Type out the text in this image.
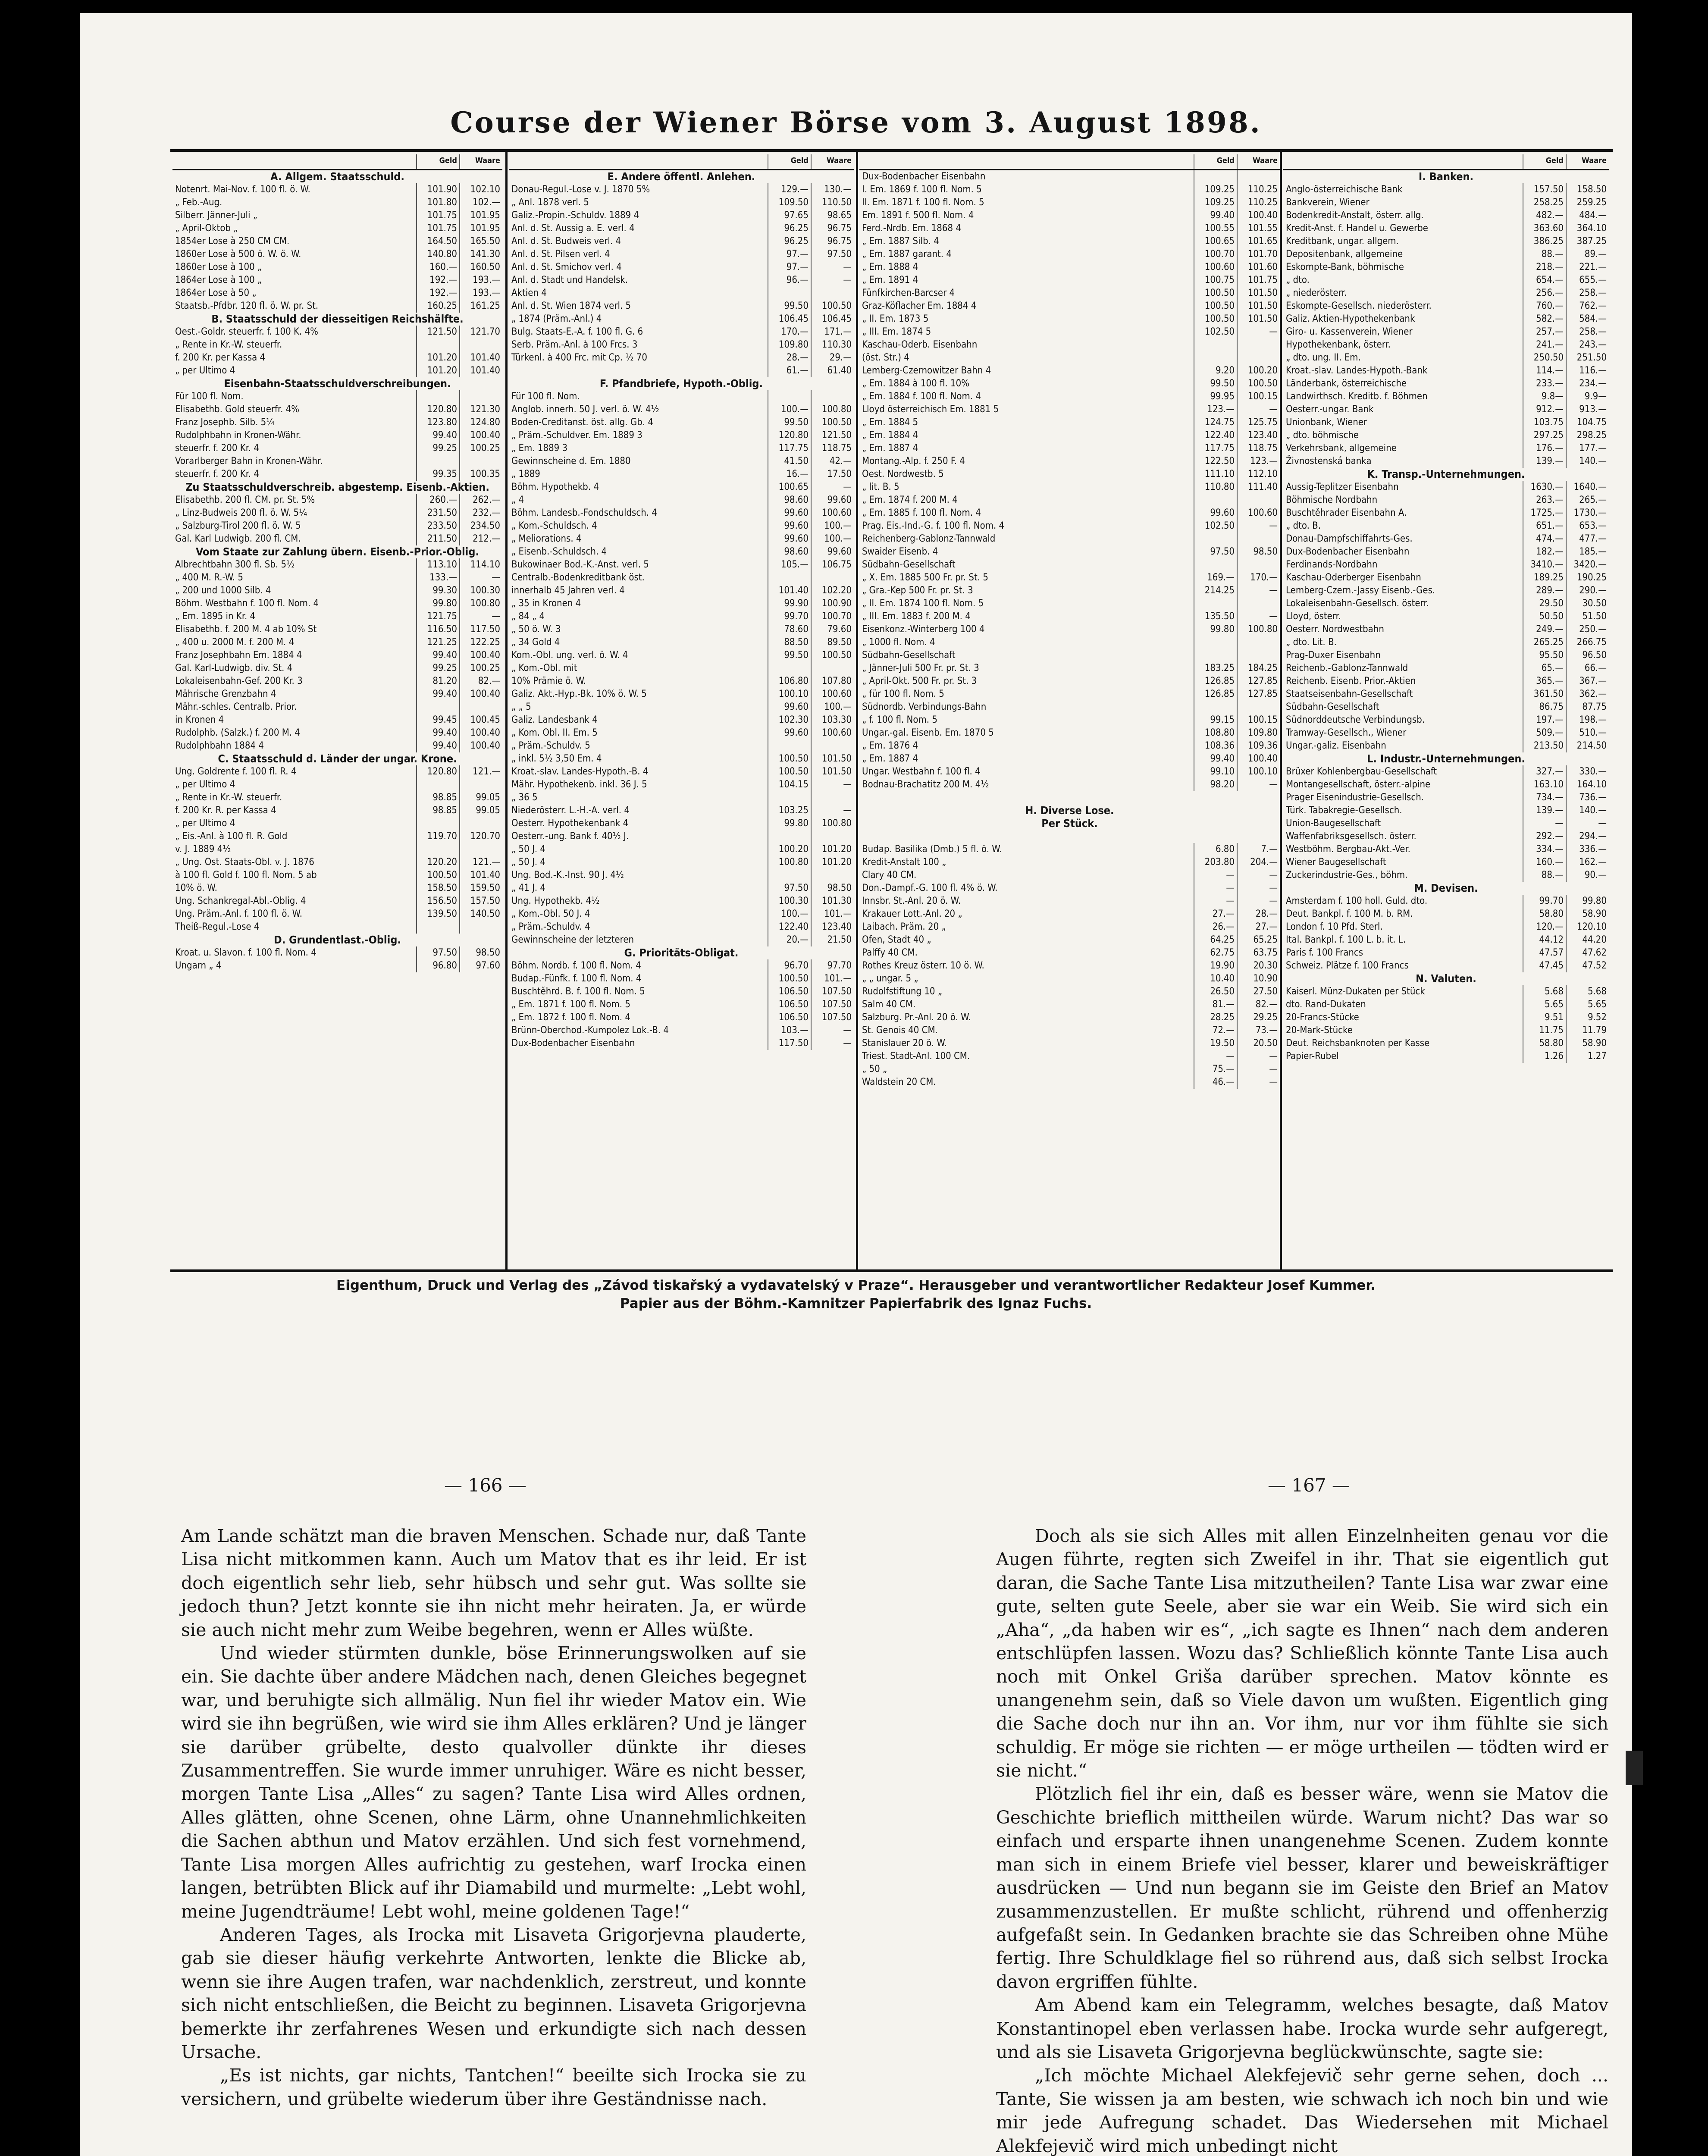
Course der Wiener Börse vom 3. August 1898.
Geld	Waare
A. Allgem. Staatsschuld.
Notenrt. Mai-Nov. f. 100 fl. ö. W.	101.90	102.10
„ Feb.-Aug.	101.80	102.—
Silberr. Jänner-Juli „	101.75	101.95
„ April-Oktob „	101.75	101.95
1854er Lose à 250 CM CM.	164.50	165.50
1860er Lose à 500 ö. W. ö. W.	140.80	141.30
1860er Lose à 100 „	160.—	160.50
1864er Lose à 100 „	192.—	193.—
1864er Lose à 50 „	192.—	193.—
Staatsb.-Pfdbr. 120 fl. ö. W. pr. St.	160.25	161.25
B. Staatsschuld der diesseitigen Reichshälfte.
Oest.-Goldr. steuerfr. f. 100 K. 4%	121.50	121.70
„ Rente in Kr.-W. steuerfr.
f. 200 Kr. per Kassa 4	101.20	101.40
„ per Ultimo 4	101.20	101.40
Eisenbahn-Staatsschuldverschreibungen.
Für 100 fl. Nom.
Elisabethb. Gold steuerfr. 4%	120.80	121.30
Franz Josephb. Silb. 5¼	123.80	124.80
Rudolphbahn in Kronen-Währ.	99.40	100.40
steuerfr. f. 200 Kr. 4	99.25	100.25
Vorarlberger Bahn in Kronen-Währ.
steuerfr. f. 200 Kr. 4	99.35	100.35
Zu Staatsschuldverschreib. abgestemp. Eisenb.-Aktien.
Elisabethb. 200 fl. CM. pr. St. 5%	260.—	262.—
„ Linz-Budweis 200 fl. ö. W. 5¼	231.50	232.—
„ Salzburg-Tirol 200 fl. ö. W. 5	233.50	234.50
Gal. Karl Ludwigb. 200 fl. CM.	211.50	212.—
Vom Staate zur Zahlung übern. Eisenb.-Prior.-Oblig.
Albrechtbahn 300 fl. Sb. 5½	113.10	114.10
„ 400 M. R.-W. 5	133.—	—
„ 200 und 1000 Silb. 4	99.30	100.30
Böhm. Westbahn f. 100 fl. Nom. 4	99.80	100.80
„ Em. 1895 in Kr. 4	121.75	—
Elisabethb. f. 200 M. 4 ab 10% St	116.50	117.50
„ 400 u. 2000 M. f. 200 M. 4	121.25	122.25
Franz Josephbahn Em. 1884 4	99.40	100.40
Gal. Karl-Ludwigb. div. St. 4	99.25	100.25
Lokaleisenbahn-Gef. 200 Kr. 3	81.20	82.—
Mährische Grenzbahn 4	99.40	100.40
Mähr.-schles. Centralb. Prior.
in Kronen 4	99.45	100.45
Rudolphb. (Salzk.) f. 200 M. 4	99.40	100.40
Rudolphbahn 1884 4	99.40	100.40
C. Staatsschuld d. Länder der ungar. Krone.
Ung. Goldrente f. 100 fl. R. 4	120.80	121.—
„ per Ultimo 4
„ Rente in Kr.-W. steuerfr.	98.85	99.05
f. 200 Kr. R. per Kassa 4	98.85	99.05
„ per Ultimo 4
„ Eis.-Anl. à 100 fl. R. Gold	119.70	120.70
v. J. 1889 4½
„ Ung. Ost. Staats-Obl. v. J. 1876	120.20	121.—
à 100 fl. Gold f. 100 fl. Nom. 5 ab	100.50	101.40
10% ö. W.	158.50	159.50
Ung. Schankregal-Abl.-Oblig. 4	156.50	157.50
Ung. Präm.-Anl. f. 100 fl. ö. W.	139.50	140.50
Theiß-Regul.-Lose 4
D. Grundentlast.-Oblig.
Kroat. u. Slavon. f. 100 fl. Nom. 4	97.50	98.50
Ungarn „ 4	96.80	97.60
Geld	Waare
E. Andere öffentl. Anlehen.
Donau-Regul.-Lose v. J. 1870 5%	129.—	130.—
„ Anl. 1878 verl. 5	109.50	110.50
Galiz.-Propin.-Schuldv. 1889 4	97.65	98.65
Anl. d. St. Aussig a. E. verl. 4	96.25	96.75
Anl. d. St. Budweis verl. 4	96.25	96.75
Anl. d. St. Pilsen verl. 4	97.—	97.50
Anl. d. St. Smichov verl. 4	97.—	—
Anl. d. Stadt und Handelsk.	96.—	—
Aktien 4
Anl. d. St. Wien 1874 verl. 5	99.50	100.50
„ 1874 (Präm.-Anl.) 4	106.45	106.45
Bulg. Staats-E.-A. f. 100 fl. G. 6	170.—	171.—
Serb. Präm.-Anl. à 100 Frcs. 3	109.80	110.30
Türkenl. à 400 Frc. mit Cp. ⅟₂ 70	28.—	29.—
61.—	61.40
F. Pfandbriefe, Hypoth.-Oblig.
Für 100 fl. Nom.
Anglob. innerh. 50 J. verl. ö. W. 4½	100.—	100.80
Boden-Creditanst. öst. allg. Gb. 4	99.50	100.50
„ Präm.-Schuldver. Em. 1889 3	120.80	121.50
„ Em. 1889 3	117.75	118.75
Gewinnscheine d. Em. 1880	41.50	42.—
„ 1889	16.—	17.50
Böhm. Hypothekb. 4	100.65	—
„ 4	98.60	99.60
Böhm. Landesb.-Fondschuldsch. 4	99.60	100.60
„ Kom.-Schuldsch. 4	99.60	100.—
„ Meliorations. 4	99.60	100.—
„ Eisenb.-Schuldsch. 4	98.60	99.60
Bukowinaer Bod.-K.-Anst. verl. 5	105.—	106.75
Centralb.-Bodenkreditbank öst.
innerhalb 45 Jahren verl. 4	101.40	102.20
„ 35 in Kronen 4	99.90	100.90
„ 84 „ 4	99.70	100.70
„ 50 ö. W. 3	78.60	79.60
„ 34 Gold 4	88.50	89.50
Kom.-Obl. ung. verl. ö. W. 4	99.50	100.50
„ Kom.-Obl. mit
10% Prämie ö. W.	106.80	107.80
Galiz. Akt.-Hyp.-Bk. 10% ö. W. 5	100.10	100.60
„ „ 5	99.60	100.—
Galiz. Landesbank 4	102.30	103.30
„ Kom. Obl. II. Em. 5	99.60	100.60
„ Präm.-Schuldv. 5
„ inkl. 5⅟₂ 3,50 Em. 4	100.50	101.50
Kroat.-slav. Landes-Hypoth.-B. 4	100.50	101.50
Mähr. Hypothekenb. inkl. 36 J. 5	104.15	—
„ 36 5
Niederösterr. L.-H.-A. verl. 4	103.25	—
Oesterr. Hypothekenbank 4	99.80	100.80
Oesterr.-ung. Bank f. 40½ J.
„ 50 J. 4	100.20	101.20
„ 50 J. 4	100.80	101.20
Ung. Bod.-K.-Inst. 90 J. 4½
„ 41 J. 4	97.50	98.50
Ung. Hypothekb. 4½	100.30	101.30
„ Kom.-Obl. 50 J. 4	100.—	101.—
„ Präm.-Schuldv. 4	122.40	123.40
Gewinnscheine der letzteren	20.—	21.50
G. Prioritäts-Obligat.
Böhm. Nordb. f. 100 fl. Nom. 4	96.70	97.70
Budap.-Fünfk. f. 100 fl. Nom. 4	100.50	101.—
Buschtěhrd. B. f. 100 fl. Nom. 5	106.50	107.50
„ Em. 1871 f. 100 fl. Nom. 5	106.50	107.50
„ Em. 1872 f. 100 fl. Nom. 4	106.50	107.50
Brünn-Oberchod.-Kumpolez Lok.-B. 4	103.—	—
Dux-Bodenbacher Eisenbahn	117.50	—
Geld	Waare
Dux-Bodenbacher Eisenbahn
I. Em. 1869 f. 100 fl. Nom. 5	109.25	110.25
II. Em. 1871 f. 100 fl. Nom. 5	109.25	110.25
Em. 1891 f. 500 fl. Nom. 4	99.40	100.40
Ferd.-Nrdb. Em. 1868 4	100.55	101.55
„ Em. 1887 Silb. 4	100.65	101.65
„ Em. 1887 garant. 4	100.70	101.70
„ Em. 1888 4	100.60	101.60
„ Em. 1891 4	100.75	101.75
Fünfkirchen-Barcser 4	100.50	101.50
Graz-Köflacher Em. 1884 4	100.50	101.50
„ II. Em. 1873 5	100.50	101.50
„ III. Em. 1874 5	102.50	—
Kaschau-Oderb. Eisenbahn
(öst. Str.) 4
Lemberg-Czernowitzer Bahn 4	9.20	100.20
„ Em. 1884 à 100 fl. 10%	99.50	100.50
„ Em. 1884 f. 100 fl. Nom. 4	99.95	100.15
Lloyd österreichisch Em. 1881 5	123.—	—
„ Em. 1884 5	124.75	125.75
„ Em. 1884 4	122.40	123.40
„ Em. 1887 4	117.75	118.75
Montang.-Alp. f. 250 F. 4	122.50	123.—
Oest. Nordwestb. 5	111.10	112.10
„ lit. B. 5	110.80	111.40
„ Em. 1874 f. 200 M. 4
„ Em. 1885 f. 100 fl. Nom. 4	99.60	100.60
Prag. Eis.-Ind.-G. f. 100 fl. Nom. 4	102.50	—
Reichenberg-Gablonz-Tannwald
Swaider Eisenb. 4	97.50	98.50
Südbahn-Gesellschaft
„ X. Em. 1885 500 Fr. pr. St. 5	169.—	170.—
„ Gra.-Kep 500 Fr. pr. St. 3	214.25	—
„ II. Em. 1874 100 fl. Nom. 5
„ III. Em. 1883 f. 200 M. 4	135.50	—
Eisenkonz.-Winterberg 100 4	99.80	100.80
„ 1000 fl. Nom. 4
Südbahn-Gesellschaft
„ Jänner-Juli 500 Fr. pr. St. 3	183.25	184.25
„ April-Okt. 500 Fr. pr. St. 3	126.85	127.85
„ für 100 fl. Nom. 5	126.85	127.85
Südnordb. Verbindungs-Bahn
„ f. 100 fl. Nom. 5	99.15	100.15
Ungar.-gal. Eisenb. Em. 1870 5	108.80	109.80
„ Em. 1876 4	108.36	109.36
„ Em. 1887 4	99.40	100.40
Ungar. Westbahn f. 100 fl. 4	99.10	100.10
Bodnau-Brachatitz 200 M. 4½	98.20	—
H. Diverse Lose.
Per Stück.
Budap. Basilika (Dmb.) 5 fl. ö. W.	6.80	7.—
Kredit-Anstalt 100 „	203.80	204.—
Clary 40 CM.	—	—
Don.-Dampf.-G. 100 fl. 4% ö. W.	—	—
Innsbr. St.-Anl. 20 ö. W.	—	—
Krakauer Lott.-Anl. 20 „	27.—	28.—
Laibach. Präm. 20 „	26.—	27.—
Ofen, Stadt 40 „	64.25	65.25
Palffy 40 CM.	62.75	63.75
Rothes Kreuz österr. 10 ö. W.	19.90	20.30
„ „ ungar. 5 „	10.40	10.90
Rudolfstiftung 10 „	26.50	27.50
Salm 40 CM.	81.—	82.—
Salzburg. Pr.-Anl. 20 ö. W.	28.25	29.25
St. Genois 40 CM.	72.—	73.—
Stanislauer 20 ö. W.	19.50	20.50
Triest. Stadt-Anl. 100 CM.	—	—
„ 50 „	75.—	—
Waldstein 20 CM.	46.—	—
Geld	Waare
I. Banken.
Anglo-österreichische Bank	157.50	158.50
Bankverein, Wiener	258.25	259.25
Bodenkredit-Anstalt, österr. allg.	482.—	484.—
Kredit-Anst. f. Handel u. Gewerbe	363.60	364.10
Kreditbank, ungar. allgem.	386.25	387.25
Depositenbank, allgemeine	88.—	89.—
Eskompte-Bank, böhmische	218.—	221.—
„ dto.	654.—	655.—
„ niederösterr.	256.—	258.—
Eskompte-Gesellsch. niederösterr.	760.—	762.—
Galiz. Aktien-Hypothekenbank	582.—	584.—
Giro- u. Kassenverein, Wiener	257.—	258.—
Hypothekenbank, österr.	241.—	243.—
„ dto. ung. II. Em.	250.50	251.50
Kroat.-slav. Landes-Hypoth.-Bank	114.—	116.—
Länderbank, österreichische	233.—	234.—
Landwirthsch. Kreditb. f. Böhmen	9.8—	9.9—
Oesterr.-ungar. Bank	912.—	913.—
Unionbank, Wiener	103.75	104.75
„ dto. böhmische	297.25	298.25
Verkehrsbank, allgemeine	176.—	177.—
Živnostenská banka	139.—	140.—
K. Transp.-Unternehmungen.
Aussig-Teplitzer Eisenbahn	1630.—	1640.—
Böhmische Nordbahn	263.—	265.—
Buschtěhrader Eisenbahn A.	1725.—	1730.—
„ dto. B.	651.—	653.—
Donau-Dampfschiffahrts-Ges.	474.—	477.—
Dux-Bodenbacher Eisenbahn	182.—	185.—
Ferdinands-Nordbahn	3410.—	3420.—
Kaschau-Oderberger Eisenbahn	189.25	190.25
Lemberg-Czern.-Jassy Eisenb.-Ges.	289.—	290.—
Lokaleisenbahn-Gesellsch. österr.	29.50	30.50
Lloyd, österr.	50.50	51.50
Oesterr. Nordwestbahn	249.—	250.—
„ dto. Lit. B.	265.25	266.75
Prag-Duxer Eisenbahn	95.50	96.50
Reichenb.-Gablonz-Tannwald	65.—	66.—
Reichenb. Eisenb. Prior.-Aktien	365.—	367.—
Staatseisenbahn-Gesellschaft	361.50	362.—
Südbahn-Gesellschaft	86.75	87.75
Südnorddeutsche Verbindungsb.	197.—	198.—
Tramway-Gesellsch., Wiener	509.—	510.—
Ungar.-galiz. Eisenbahn	213.50	214.50
L. Industr.-Unternehmungen.
Brüxer Kohlenbergbau-Gesellschaft	327.—	330.—
Montangesellschaft, österr.-alpine	163.10	164.10
Prager Eisenindustrie-Gesellsch.	734.—	736.—
Türk. Tabakregie-Gesellsch.	139.—	140.—
Union-Baugesellschaft	—	—
Waffenfabriksgesellsch. österr.	292.—	294.—
Westböhm. Bergbau-Akt.-Ver.	334.—	336.—
Wiener Baugesellschaft	160.—	162.—
Zuckerindustrie-Ges., böhm.	88.—	90.—
M. Devisen.
Amsterdam f. 100 holl. Guld. dto.	99.70	99.80
Deut. Bankpl. f. 100 M. b. RM.	58.80	58.90
London f. 10 Pfd. Sterl.	120.—	120.10
Ital. Bankpl. f. 100 L. b. it. L.	44.12	44.20
Paris f. 100 Francs	47.57	47.62
Schweiz. Plätze f. 100 Francs	47.45	47.52
N. Valuten.
Kaiserl. Münz-Dukaten per Stück	5.68	5.68
dto. Rand-Dukaten	5.65	5.65
20-Francs-Stücke	9.51	9.52
20-Mark-Stücke	11.75	11.79
Deut. Reichsbanknoten per Kasse	58.80	58.90
Papier-Rubel	1.26	1.27
Eigenthum, Druck und Verlag des „Závod tiskařský a vydavatelský v Praze“. Herausgeber und verantwortlicher Redakteur Josef Kummer.
Papier aus der Böhm.-Kamnitzer Papierfabrik des Ignaz Fuchs.
— 166 —	— 167 —

Am Lande schätzt man die braven Menschen. Schade nur, daß Tante Lisa nicht mitkommen kann. Auch um Matov that es ihr leid. Er ist doch eigentlich sehr lieb, sehr hübsch und sehr gut. Was sollte sie jedoch thun? Jetzt konnte sie ihn nicht mehr heiraten. Ja, er würde sie auch nicht mehr zum Weibe begehren, wenn er Alles wüßte.

Und wieder stürmten dunkle, böse Erinnerungswolken auf sie ein. Sie dachte über andere Mädchen nach, denen Gleiches begegnet war, und beruhigte sich allmälig. Nun fiel ihr wieder Matov ein. Wie wird sie ihn begrüßen, wie wird sie ihm Alles erklären? Und je länger sie darüber grübelte, desto qualvoller dünkte ihr dieses Zusammentreffen. Sie wurde immer unruhiger. Wäre es nicht besser, morgen Tante Lisa „Alles“ zu sagen? Tante Lisa wird Alles ordnen, Alles glätten, ohne Scenen, ohne Lärm, ohne Unannehmlichkeiten die Sachen abthun und Matov erzählen. Und sich fest vornehmend, Tante Lisa morgen Alles aufrichtig zu gestehen, warf Irocka einen langen, betrübten Blick auf ihr Diamabild und murmelte: „Lebt wohl, meine Jugendträume! Lebt wohl, meine goldenen Tage!“

Anderen Tages, als Irocka mit Lisaveta Grigorjevna plauderte, gab sie dieser häufig verkehrte Antworten, lenkte die Blicke ab, wenn sie ihre Augen trafen, war nachdenklich, zerstreut, und konnte sich nicht entschließen, die Beicht zu beginnen. Lisaveta Grigorjevna bemerkte ihr zerfahrenes Wesen und erkundigte sich nach dessen Ursache.

„Es ist nichts, gar nichts, Tantchen!“ beeilte sich Irocka sie zu versichern, und grübelte wiederum über ihre Geständnisse nach.

Doch als sie sich Alles mit allen Einzelnheiten genau vor die Augen führte, regten sich Zweifel in ihr. That sie eigentlich gut daran, die Sache Tante Lisa mitzutheilen? Tante Lisa war zwar eine gute, selten gute Seele, aber sie war ein Weib. Sie wird sich ein „Aha“, „da haben wir es“, „ich sagte es Ihnen“ nach dem anderen entschlüpfen lassen. Wozu das? Schließlich könnte Tante Lisa auch noch mit Onkel Griša darüber sprechen. Matov könnte es unangenehm sein, daß so Viele davon um wußten. Eigentlich ging die Sache doch nur ihn an. Vor ihm, nur vor ihm fühlte sie sich schuldig. Er möge sie richten — er möge urtheilen — tödten wird er sie nicht.“

Plötzlich fiel ihr ein, daß es besser wäre, wenn sie Matov die Geschichte brieflich mittheilen würde. Warum nicht? Das war so einfach und ersparte ihnen unangenehme Scenen. Zudem konnte man sich in einem Briefe viel besser, klarer und beweiskräftiger ausdrücken — Und nun begann sie im Geiste den Brief an Matov zusammenzustellen. Er mußte schlicht, rührend und offenherzig aufgefaßt sein. In Gedanken brachte sie das Schreiben ohne Mühe fertig. Ihre Schuldklage fiel so rührend aus, daß sich selbst Irocka davon ergriffen fühlte.

Am Abend kam ein Telegramm, welches besagte, daß Matov Konstantinopel eben verlassen habe. Irocka wurde sehr aufgeregt, und als sie Lisaveta Grigorjevna beglückwünschte, sagte sie:

„Ich möchte Michael Alekfejevič sehr gerne sehen, doch ... Tante, Sie wissen ja am besten, wie schwach ich noch bin und wie mir jede Aufregung schadet. Das Wiedersehen mit Michael Alekfejevič wird mich unbedingt nicht
